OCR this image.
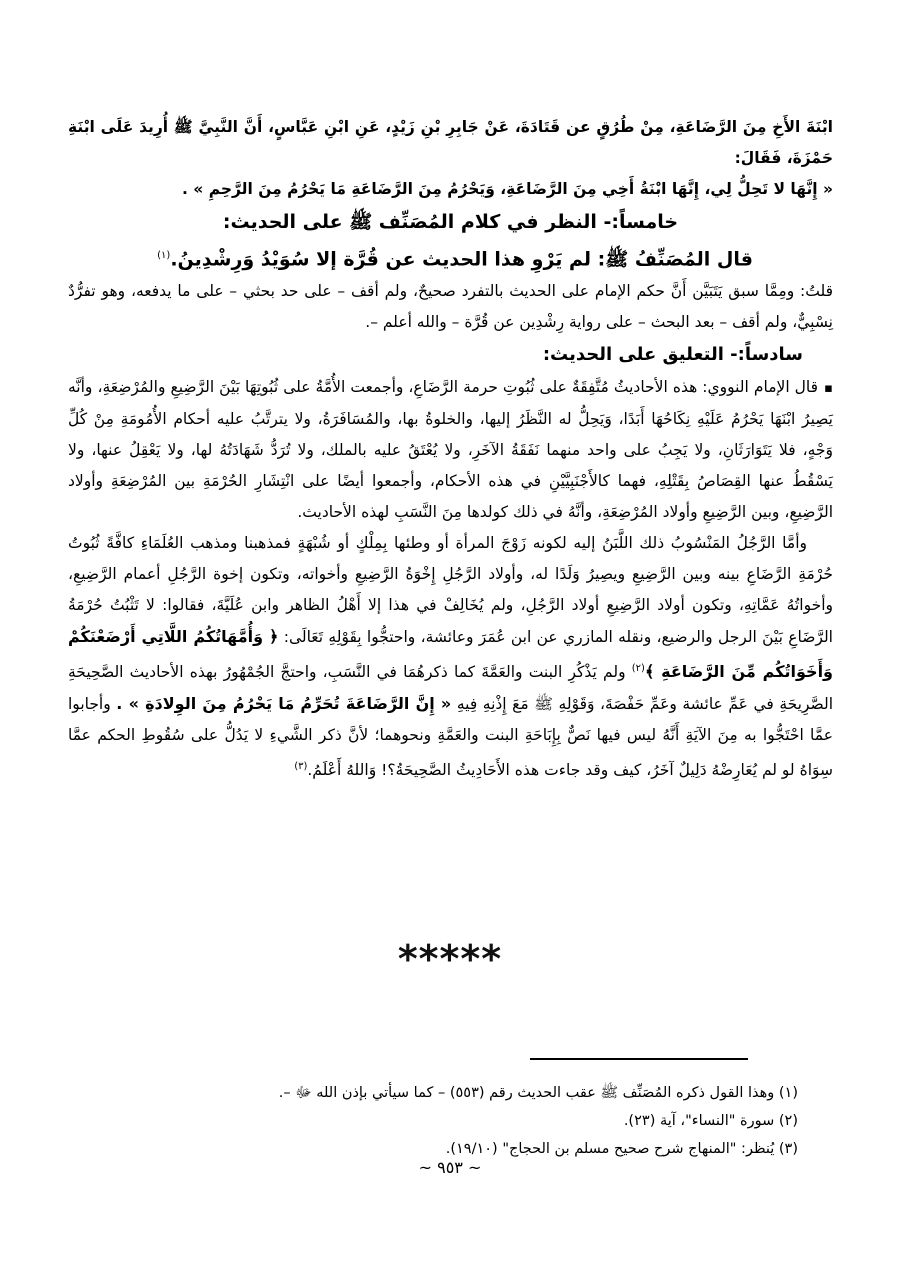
ابْنَةَ الأَخِ مِنَ الرَّضَاعَةِ، مِنْ طُرُقٍ عن قَتَادَةَ، عَنْ جَابِرِ بْنِ زَيْدٍ، عَنِ ابْنِ عَبَّاسٍ، أَنَّ النَّبِيَّ ﷺ أُرِيدَ عَلَى ابْنَةِ حَمْزَةَ، فَقَالَ:

« إِنَّهَا لا تَحِلُّ لِي، إِنَّهَا ابْنَةُ أَخِي مِنَ الرَّضَاعَةِ، وَيَحْرُمُ مِنَ الرَّضَاعَةِ مَا يَحْرُمُ مِنَ الرَّحِمِ » .

خامساً:- النظر في كلام المُصَنِّف ﷺ على الحديث:

قال المُصَنِّفُ ﷺ: لم يَرْوِ هذا الحديث عن قُرَّة إلا سُوَيْدُ وَرِشْدِينُ.$^{(١)}$

قلتُ: ومِمَّا سبق يَتَبَيَّن أَنَّ حكم الإمام على الحديث بالتفرد صحيحٌ، ولم أقف – على حد بحثي – على ما يدفعه، وهو تفرُّدٌ نِسْبِيٌّ، ولم أقف – بعد البحث – على رواية رِشْدِين عن قُرَّة – والله أعلم –.

سادساً:- التعليق على الحديث:

▪ قال الإمام النووي: هذه الأحاديثُ مُتَّفِقَةٌ على ثُبُوتِ حرمة الرَّضَاعِ، وأجمعت الأُمَّةُ على ثُبُوتِهَا بَيْنَ الرَّضِيعِ والمُرْضِعَةِ، وأنَّه يَصِيرُ ابْنَهَا يَحْرُمُ عَلَيْهِ نِكَاحُهَا أَبَدًا، وَيَحِلُّ له النَّظَرُ إليها، والخلوةُ بها، والمُسَافَرَةُ، ولا يترتَّبُ عليه أحكام الأُمُومَةِ مِنْ كُلِّ وَجْهٍ، فلا يَتَوَارَثَانِ، ولا يَجِبُ على واحد منهما نَفَقَةُ الآخَرِ، ولا يُعْتَقُ عليه بالملك، ولا تُرَدُّ شَهَادَتُهُ لها، ولا يَعْقِلُ عنها، ولا يَسْقُطُ عنها القِصَاصُ بِقَتْلِهِ، فهما كالأَجْنَبِيَّيْنِ في هذه الأحكام، وأجمعوا أيضًا على انْتِشَارِ الحُرْمَةِ بين المُرْضِعَةِ وأولاد الرَّضِيعِ، وبين الرَّضِيعِ وأولاد المُرْضِعَةِ، وأنَّهُ في ذلك كولدها مِنَ النَّسَبِ لهذه الأحاديث.

وأمَّا الرَّجُلُ المَنْسُوبُ ذلك اللَّبَنُ إليه لكونه زَوْجَ المرأة أو وطئها بِمِلْكٍ أو شُبْهَةٍ فمذهبنا ومذهب العُلَمَاءِ كافَّةً ثُبُوتُ حُرْمَةِ الرَّضَاعِ بينه وبين الرَّضِيعِ ويصِيرُ وَلَدًا له، وأولاد الرَّجُلِ إِخْوَةُ الرَّضِيعِ وأخواته، وتكون إخوة الرَّجُلِ أعمام الرَّضِيعِ، وأخواتُهُ عَمَّاتِهِ، وتكون أولاد الرَّضِيعِ أولاد الرَّجُلِ، ولم يُخَالِفْ في هذا إلا أَهْلُ الظاهر وابن عُلَيَّةَ، فقالوا: لا تَثْبُتُ حُرْمَةُ الرَّضَاعِ بَيْنَ الرجل والرضيع، ونقله المازري عن ابن عُمَرَ وعائشة، واحتجُّوا بِقَوْلِهِ تَعَالَى: ﴿ وَأُمَّهَاتُكُمُ اللَّاتِي أَرْضَعْنَكُمْ وَأَخَوَاتُكُم مِّنَ الرَّضَاعَةِ ﴾$^{(٢)}$ ولم يَذْكُرِ البنت والعَمَّةَ كما ذكرهُمَا في النَّسَبِ، واحتجَّ الجُمْهُورُ بهذه الأحاديث الصَّحِيحَةِ الصَّرِيحَةِ في عَمِّ عائشة وعَمِّ حَفْصَةَ، وَقَوْلِهِ ﷺ مَعَ إِذْنِهِ فِيهِ « إِنَّ الرَّضَاعَةَ تُحَرِّمُ مَا يَحْرُمُ مِنَ الوِلادَةِ » . وأجابوا عمَّا احْتَجُّوا به مِنَ الآيَةِ أَنَّهُ ليس فيها نَصٌّ بِإِبَاحَةِ البنت والعَمَّةِ ونحوهما؛ لأنَّ ذكر الشَّيءِ لا يَدُلُّ على سُقُوطِ الحكم عمَّا سِوَاهُ لو لم يُعَارِضْهُ دَلِيلٌ آخَرُ، كيف وقد جاءت هذه الأَحَادِيثُ الصَّحِيحَةُ؟! وَاللهُ أَعْلَمُ.$^{(٣)}$

*****
(١) وهذا القول ذكره المُصَنِّف ﷺ عقب الحديث رقم (٥٥٣) – كما سيأتي بإذن الله ﷻ –.
(٢) سورة "النساء"، آية (٢٣).
(٣) يُنظر: "المنهاج شرح صحيح مسلم بن الحجاج" (١٩/١٠).
~ ٩٥٣ ~
